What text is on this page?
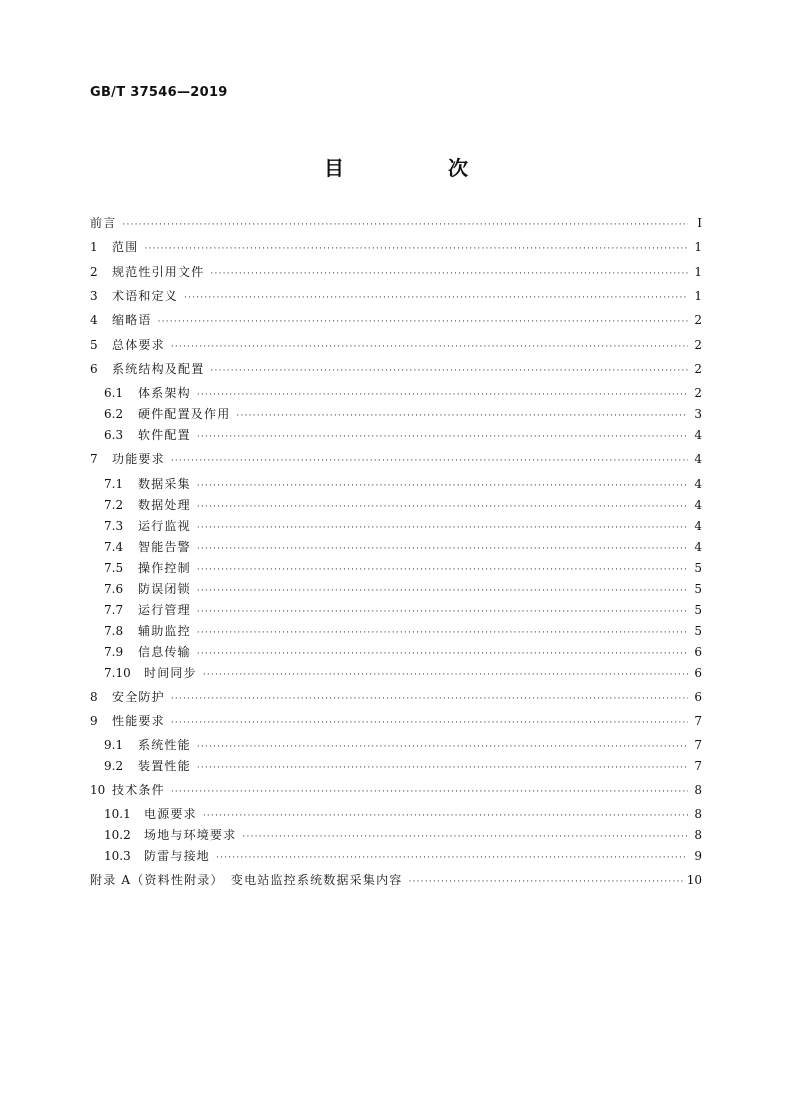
GB/T 37546—2019
目　次
前言 ·····	Ⅰ
1	范围 ·····	1
2	规范性引用文件 ·····	1
3	术语和定义 ·····	1
4	缩略语 ·····	2
5	总体要求 ·····	2
6	系统结构及配置 ·····	2
6.1	体系架构 ·····	2
6.2	硬件配置及作用 ·····	3
6.3	软件配置 ·····	4
7	功能要求 ·····	4
7.1	数据采集 ·····	4
7.2	数据处理 ·····	4
7.3	运行监视 ·····	4
7.4	智能告警 ·····	4
7.5	操作控制 ·····	5
7.6	防误闭锁 ·····	5
7.7	运行管理 ·····	5
7.8	辅助监控 ·····	5
7.9	信息传输 ·····	6
7.10	时间同步 ·····	6
8	安全防护 ·····	6
9	性能要求 ·····	7
9.1	系统性能 ·····	7
9.2	装置性能 ·····	7
10 技术条件 ·····	8
10.1	电源要求 ·····	8
10.2	场地与环境要求 ·····	8
10.3	防雷与接地 ·····	9
附录 A（资料性附录）　变电站监控系统数据采集内容 ·····	10
